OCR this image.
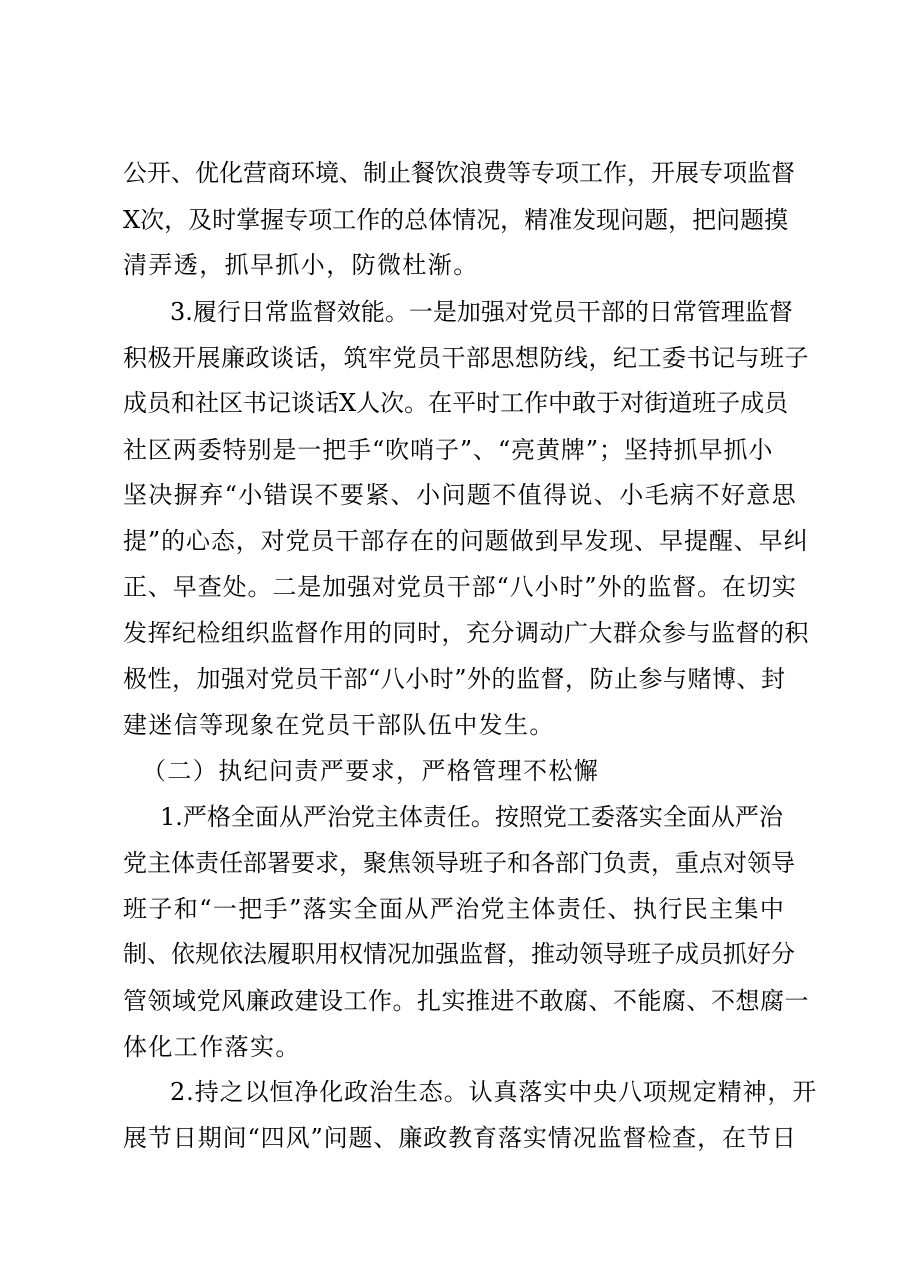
公开、优化营商环境、制止餐饮浪费等专项工作，开展专项监督
X次，及时掌握专项工作的总体情况，精准发现问题，把问题摸
清弄透，抓早抓小，防微杜渐。
3.履行日常监督效能。一是加强对党员干部的日常管理监督
积极开展廉政谈话，筑牢党员干部思想防线，纪工委书记与班子
成员和社区书记谈话X人次。在平时工作中敢于对街道班子成员
社区两委特别是一把手“吹哨子”、“亮黄牌”；坚持抓早抓小
坚决摒弃“小错误不要紧、小问题不值得说、小毛病不好意思
提”的心态，对党员干部存在的问题做到早发现、早提醒、早纠
正、早查处。二是加强对党员干部“八小时”外的监督。在切实
发挥纪检组织监督作用的同时，充分调动广大群众参与监督的积
极性，加强对党员干部“八小时”外的监督，防止参与赌博、封
建迷信等现象在党员干部队伍中发生。
（二）执纪问责严要求，严格管理不松懈
1.严格全面从严治党主体责任。按照党工委落实全面从严治
党主体责任部署要求，聚焦领导班子和各部门负责，重点对领导
班子和“一把手”落实全面从严治党主体责任、执行民主集中
制、依规依法履职用权情况加强监督，推动领导班子成员抓好分
管领域党风廉政建设工作。扎实推进不敢腐、不能腐、不想腐一
体化工作落实。
2.持之以恒净化政治生态。认真落实中央八项规定精神，开
展节日期间“四风”问题、廉政教育落实情况监督检查，在节日
